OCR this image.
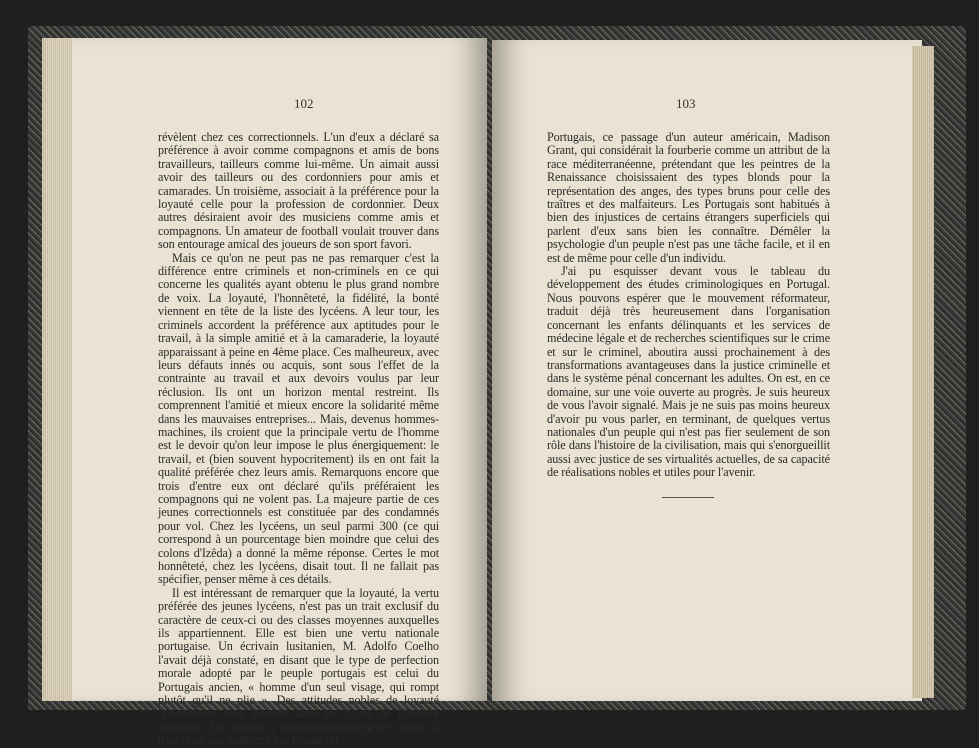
102	103

révèlent chez ces correctionnels. L'un d'eux a déclaré sa préférence à avoir comme compagnons et amis de bons travailleurs, tailleurs comme lui-même. Un aimait aussi avoir des tailleurs ou des cordonniers pour amis et camarades. Un troisième, associait à la préférence pour la loyauté celle pour la profession de cordonnier. Deux autres désiraient avoir des musiciens comme amis et compagnons. Un amateur de football voulait trouver dans son entourage amical des joueurs de son sport favori.

Mais ce qu'on ne peut pas ne pas remarquer c'est la différence entre criminels et non-criminels en ce qui concerne les qualités ayant obtenu le plus grand nombre de voix. La loyauté, l'honnêteté, la fidélité, la bonté viennent en tête de la liste des lycéens. A leur tour, les criminels accordent la préférence aux aptitudes pour le travail, à la simple amitié et à la camaraderie, la loyauté apparaissant à peine en 4ème place. Ces malheureux, avec leurs défauts innés ou acquis, sont sous l'effet de la contrainte au travail et aux devoirs voulus par leur réclusion. Ils ont un horizon mental restreint. Ils comprennent l'amitié et mieux encore la solidarité même dans les mauvaises entreprises... Mais, devenus hommes-machines, ils croient que la principale vertu de l'homme est le devoir qu'on leur impose le plus énergiquement: le travail, et (bien souvent hypocritement) ils en ont fait la qualité préférée chez leurs amis. Remarquons encore que trois d'entre eux ont déclaré qu'ils préféraient les compagnons qui ne volent pas. La majeure partie de ces jeunes correctionnels est constituée par des condamnés pour vol. Chez les lycéens, un seul parmi 300 (ce qui correspond à un pourcentage bien moindre que celui des colons d'Izêda) a donné la même réponse. Certes le mot honnêteté, chez les lycéens, disait tout. Il ne fallait pas spécifier, penser même à ces détails.

Il est intéressant de remarquer que la loyauté, la vertu préférée des jeunes lycéens, n'est pas un trait exclusif du caractère de ceux-ci ou des classes moyennes auxquelles ils appartiennent. Elle est bien une vertu nationale portugaise. Un écrivain lusitanien, M. Adolfo Coelho l'avait déjà constaté, en disant que le type de perfection morale adopté par le peuple portugais est celui du Portugais ancien, « homme d'un seul visage, qui rompt plutôt qu'il ne plie ». Des attitudes nobles de loyauté apparaissent bien souvent dans les pages de l'histoire nationale. Les traîtres y sont heureusement très rares. Il n'est donc pas confirmé par l'étude du

Portugais, ce passage d'un auteur américain, Madison Grant, qui considérait la fourberie comme un attribut de la race méditerranéenne, prétendant que les peintres de la Renaissance choisissaient des types blonds pour la représentation des anges, des types bruns pour celle des traîtres et des malfaiteurs. Les Portugais sont habitués à bien des injustices de certains étrangers superficiels qui parlent d'eux sans bien les connaître. Démêler la psychologie d'un peuple n'est pas une tâche facile, et il en est de même pour celle d'un individu.

J'ai pu esquisser devant vous le tableau du développement des études criminologiques en Portugal. Nous pouvons espérer que le mouvement réformateur, traduit déjà très heureusement dans l'organisation concernant les enfants délinquants et les services de médecine légale et de recherches scientifiques sur le crime et sur le criminel, aboutira aussi prochainement à des transformations avantageuses dans la justice criminelle et dans le système pénal concernant les adultes. On est, en ce domaine, sur une voie ouverte au progrès. Je suis heureux de vous l'avoir signalé. Mais je ne suis pas moins heureux d'avoir pu vous parler, en terminant, de quelques vertus nationales d'un peuple qui n'est pas fier seulement de son rôle dans l'histoire de la civilisation, mais qui s'enorgueillit aussi avec justice de ses virtualités actuelles, de sa capacité de réalisations nobles et utiles pour l'avenir.
